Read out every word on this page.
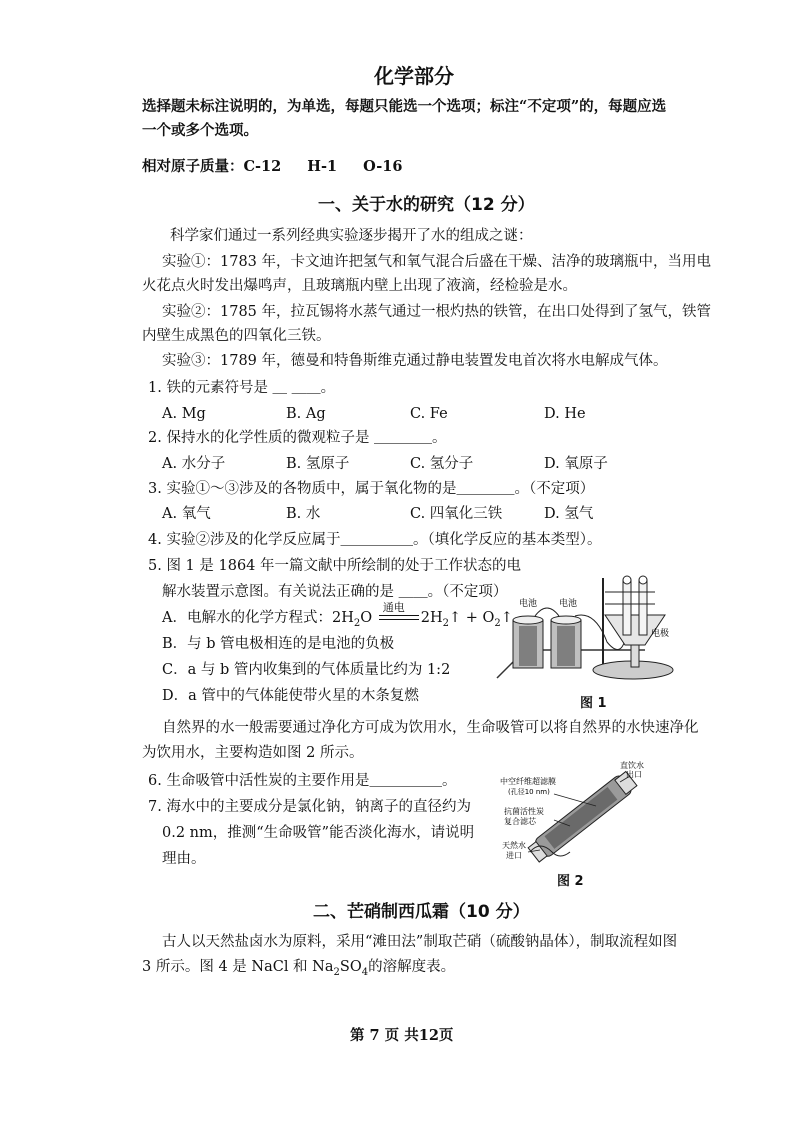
化学部分
选择题未标注说明的，为单选，每题只能选一个选项；标注“不定项”的，每题应选
一个或多个选项。
相对原子质量：C-12 H-1 O-16
一、关于水的研究（12 分）
科学家们通过一系列经典实验逐步揭开了水的组成之谜：
实验①：1783 年，卡文迪许把氢气和氧气混合后盛在干燥、洁净的玻璃瓶中，当用电
火花点火时发出爆鸣声，且玻璃瓶内壁上出现了液滴，经检验是水。
实验②：1785 年，拉瓦锡将水蒸气通过一根灼热的铁管，在出口处得到了氢气，铁管
内壁生成黑色的四氧化三铁。
实验③：1789 年，德曼和特鲁斯维克通过静电装置发电首次将水电解成气体。
1. 铁的元素符号是 ＿ ＿＿。
A. Mg	B. Ag	C. Fe	D. He
2. 保持水的化学性质的微观粒子是 ＿＿＿＿。
A. 水分子	B. 氢原子	C. 氢分子	D. 氧原子
3. 实验①～③涉及的各物质中，属于氧化物的是＿＿＿＿。（不定项）
A. 氧气	B. 水	C. 四氧化三铁	D. 氢气
4. 实验②涉及的化学反应属于＿＿＿＿＿。（填化学反应的基本类型）。
5. 图 1 是 1864 年一篇文献中所绘制的处于工作状态的电
解水装置示意图。有关说法正确的是 ＿＿。（不定项）
A．电解水的化学方程式：$2H_2O$
通电
$2H_2↑$ + $O_2↑$
B．与 b 管电极相连的是电池的负极
C．a 与 b 管内收集到的气体质量比约为 1:2
D．a 管中的气体能使带火星的木条复燃
电池 电池
电极
图 1
自然界的水一般需要通过净化方可成为饮用水，生命吸管可以将自然界的水快速净化
为饮用水，主要构造如图 2 所示。
6. 生命吸管中活性炭的主要作用是＿＿＿＿＿。
7. 海水中的主要成分是氯化钠，钠离子的直径约为
0.2 nm，推测“生命吸管”能否淡化海水，请说明
理由。
中空纤维超滤膜
(孔径10 nm)
抗菌活性炭
复合滤芯
直饮水
出口
天然水
进口
图 2
二、芒硝制西瓜霜（10 分）
古人以天然盐卤水为原料，采用“滩田法”制取芒硝（硫酸钠晶体），制取流程如图
3 所示。图 4 是 NaCl 和 $Na_2SO_4$的溶解度表。
第 7 页 共12页
